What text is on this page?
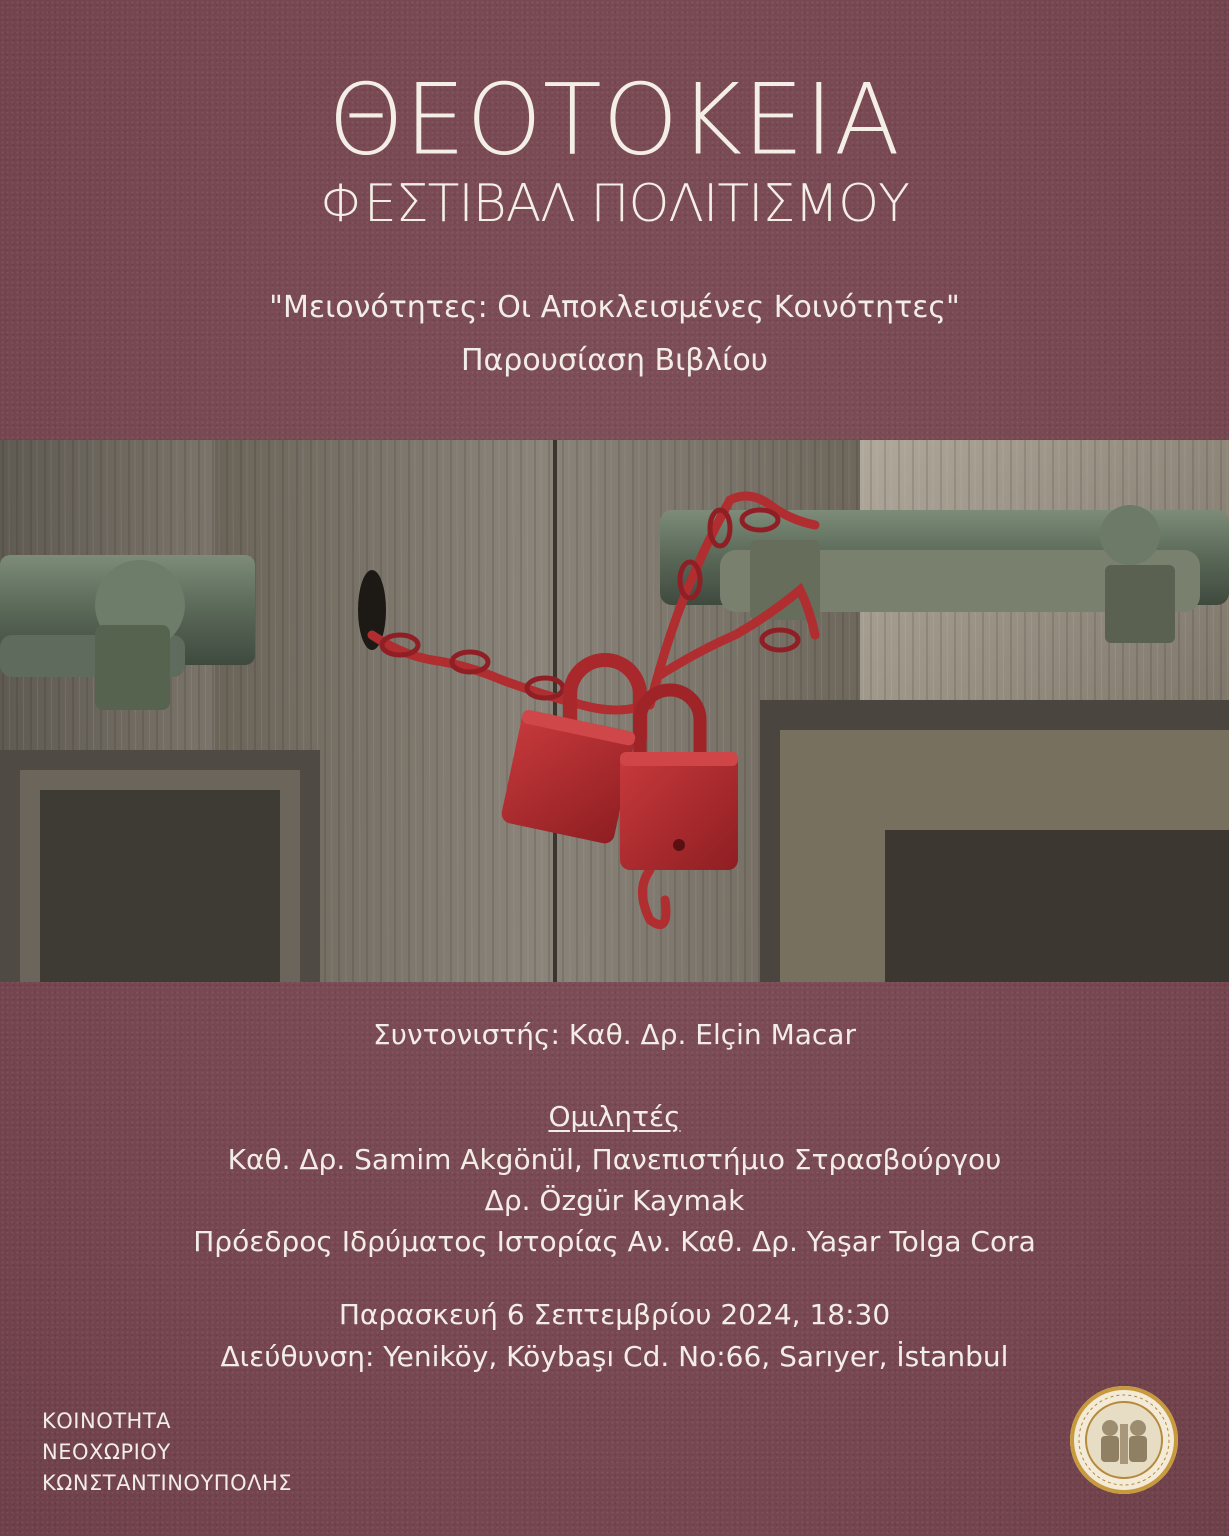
ΘΕΟΤΟΚΕΙΑ
ΦΕΣΤΙΒΑΛ ΠΟΛΙΤΙΣΜΟΥ
"Μειονότητες: Οι Αποκλεισμένες Κοινότητες"
Παρουσίαση Βιβλίου
Συντονιστής: Καθ. Δρ. Elçin Macar
Ομιλητές
Καθ. Δρ. Samim Akgönül, Πανεπιστήμιο Στρασβούργου
Δρ. Özgür Kaymak
Πρόεδρος Ιδρύματος Ιστορίας Αν. Καθ. Δρ. Yaşar Tolga Cora
Παρασκευή 6 Σεπτεμβρίου 2024, 18:30
Διεύθυνση: Yeniköy, Köybaşı Cd. No:66, Sarıyer, İstanbul
ΚΟΙΝΟΤΗΤΑ
ΝΕΟΧΩΡΙΟΥ
ΚΩΝΣΤΑΝΤΙΝΟΥΠΟΛΗΣ
